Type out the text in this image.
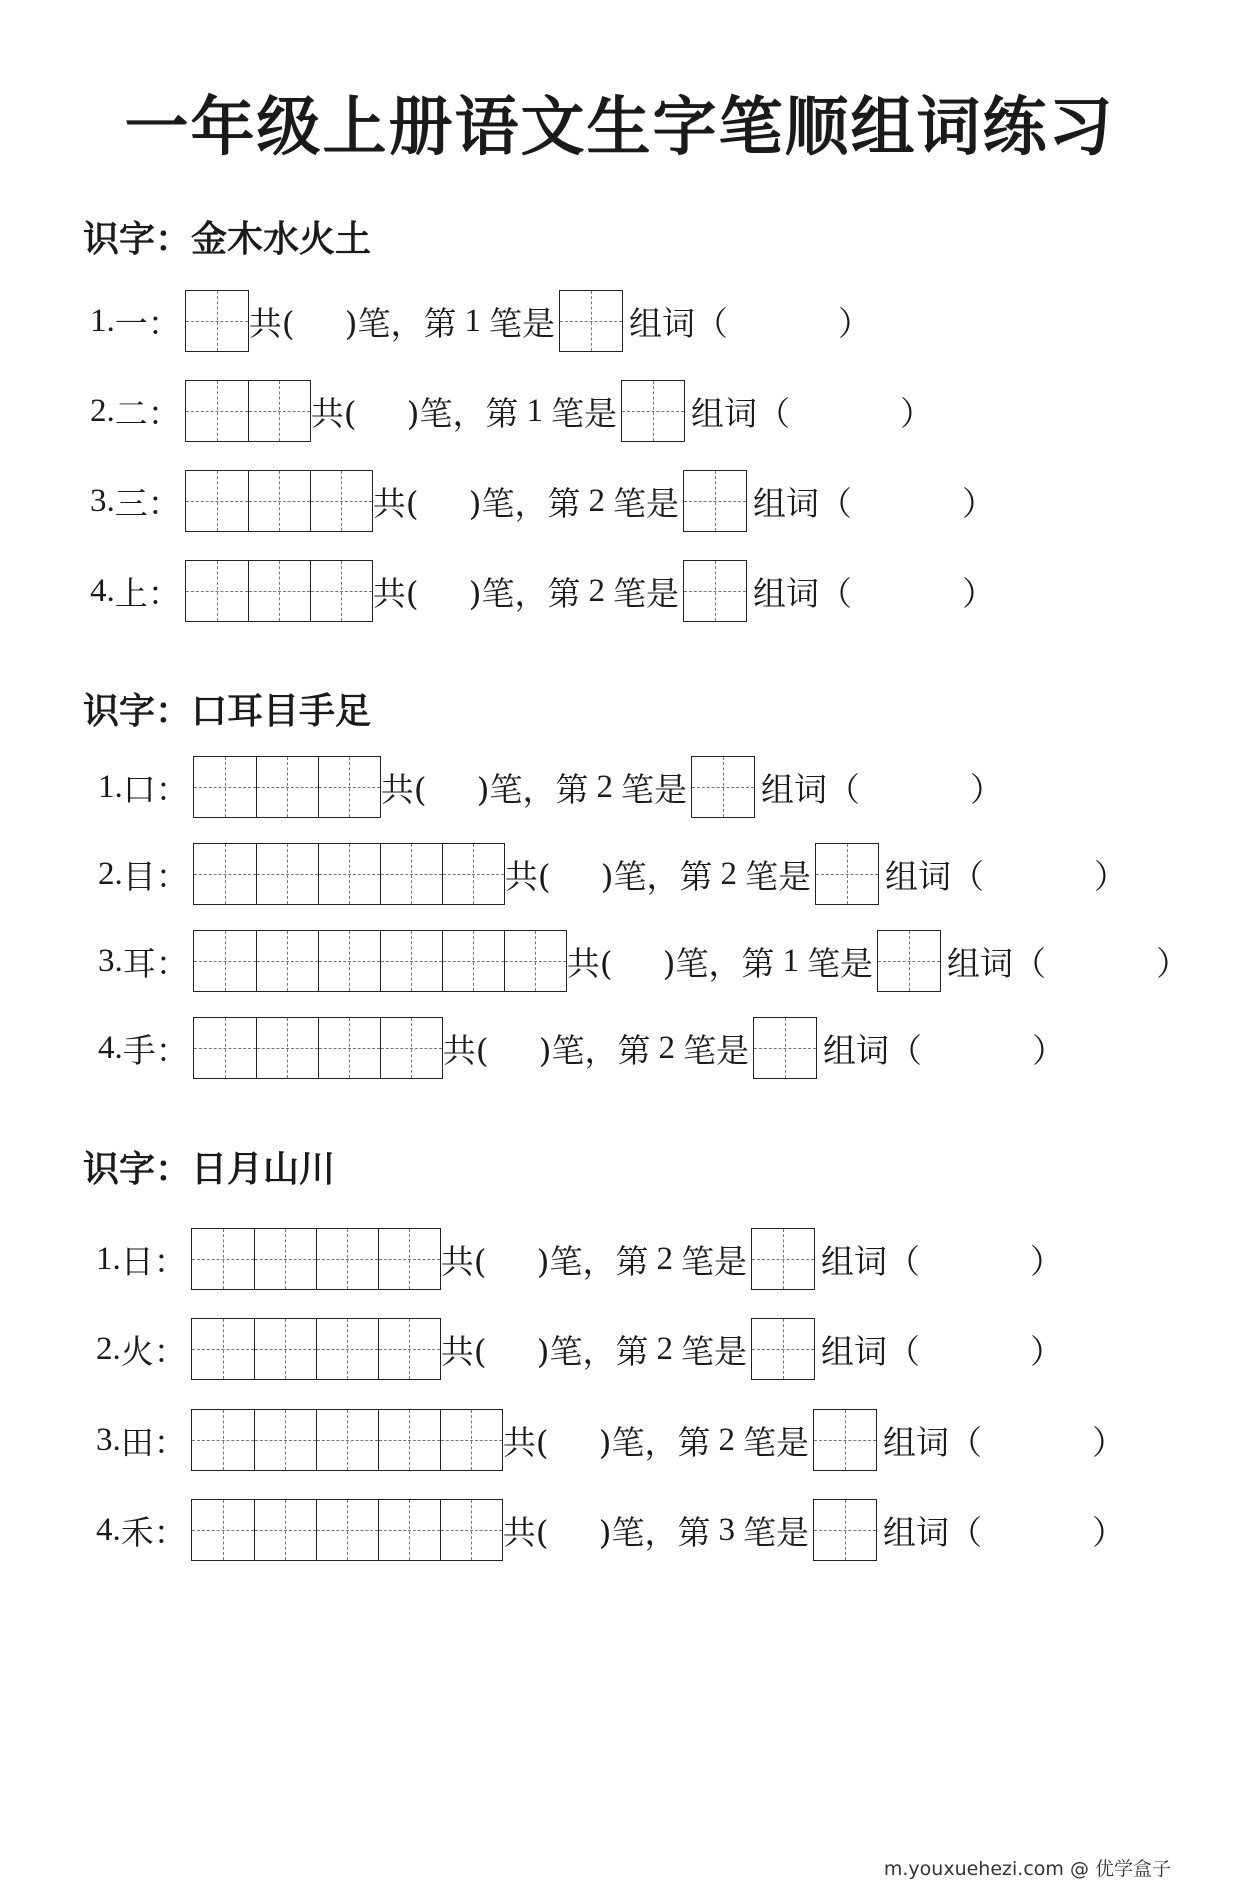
一年级上册语文生字笔顺组词练习
识字：金木水火土
1. 一 ： 共( )笔，第 1 笔是 组词（	）
2. 二 ：	共( )笔，第 1 笔是 组词（	）
3. 三 ：	共( )笔，第 2 笔是 组词（	）
4. 上 ：	共( )笔，第 2 笔是 组词（	）
识字：口耳目手足
1. 口 ：	共( )笔，第 2 笔是 组词（	）
2. 目 ：	共( )笔，第 2 笔是 组词（	）
3. 耳 ：	共( )笔，第 1 笔是 组词（	）
4. 手 ：	共( )笔，第 2 笔是 组词（	）
识字：日月山川
1. 日 ：	共( )笔，第 2 笔是 组词（	）
2. 火 ：	共( )笔，第 2 笔是 组词（	）
3. 田 ：	共( )笔，第 2 笔是 组词（	）
4. 禾 ：	共( )笔，第 3 笔是 组词（	）

m.youxuehezi.com @ 优学盒子
